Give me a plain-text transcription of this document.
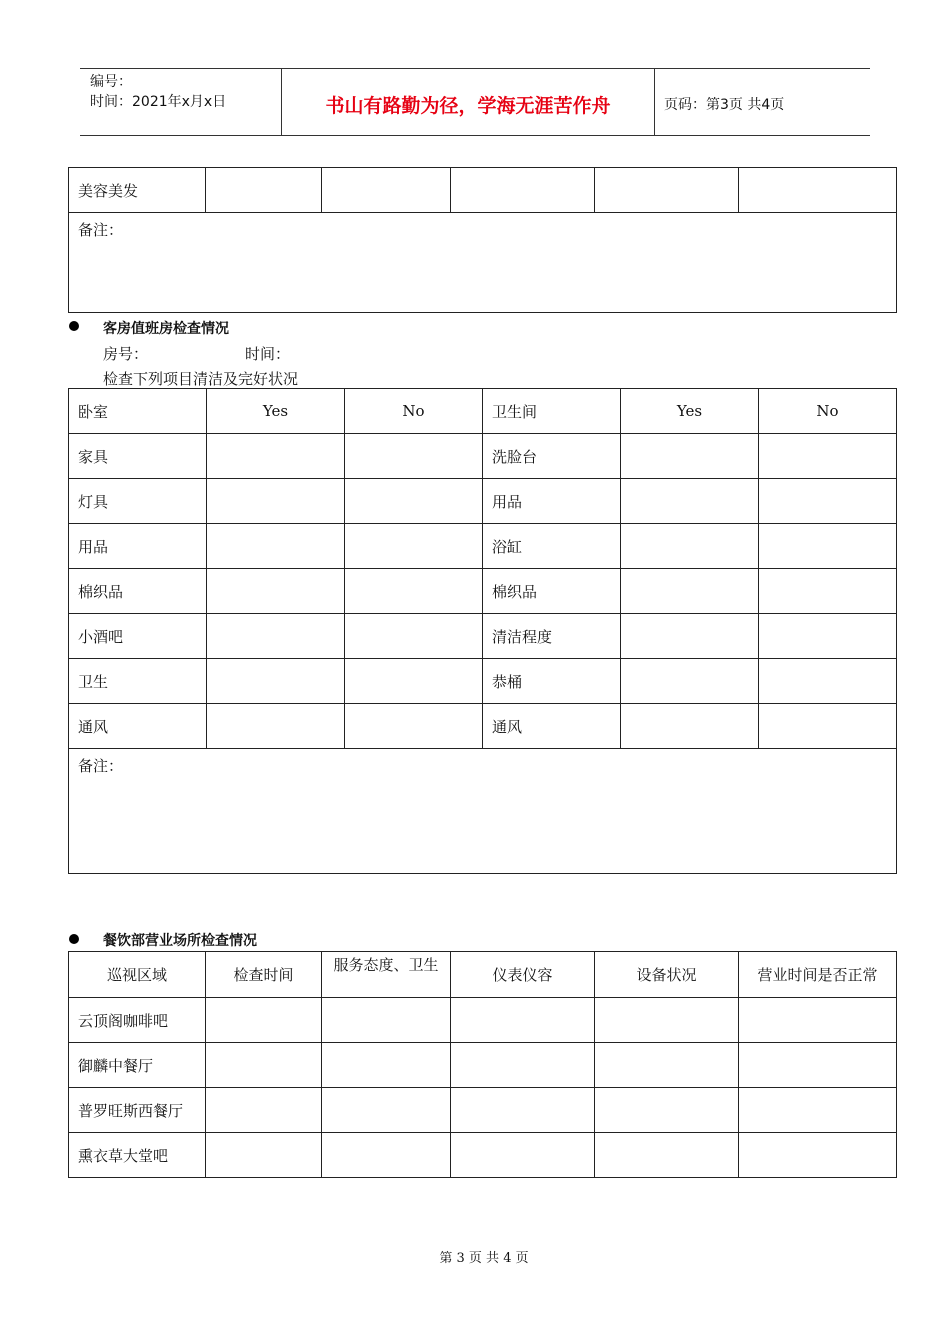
编号：
时间：2021年x月x日	书山有路勤为径，学海无涯苦作舟	页码：第3页 共4页
美容美发					
备注：
客房值班房检查情况
房号：	时间：
检查下列项目清洁及完好状况
卧室	Yes	No	卫生间	Yes	No
家具			洗脸台		
灯具			用品		
用品			浴缸		
棉织品			棉织品		
小酒吧			清洁程度		
卫生			恭桶		
通风			通风		
备注：					
餐饮部营业场所检查情况
巡视区域	检查时间	服务态度、卫生	仪表仪容	设备状况	营业时间是否正常
云顶阁咖啡吧					
御麟中餐厅					
普罗旺斯西餐厅					
熏衣草大堂吧					
第 3 页 共 4 页
